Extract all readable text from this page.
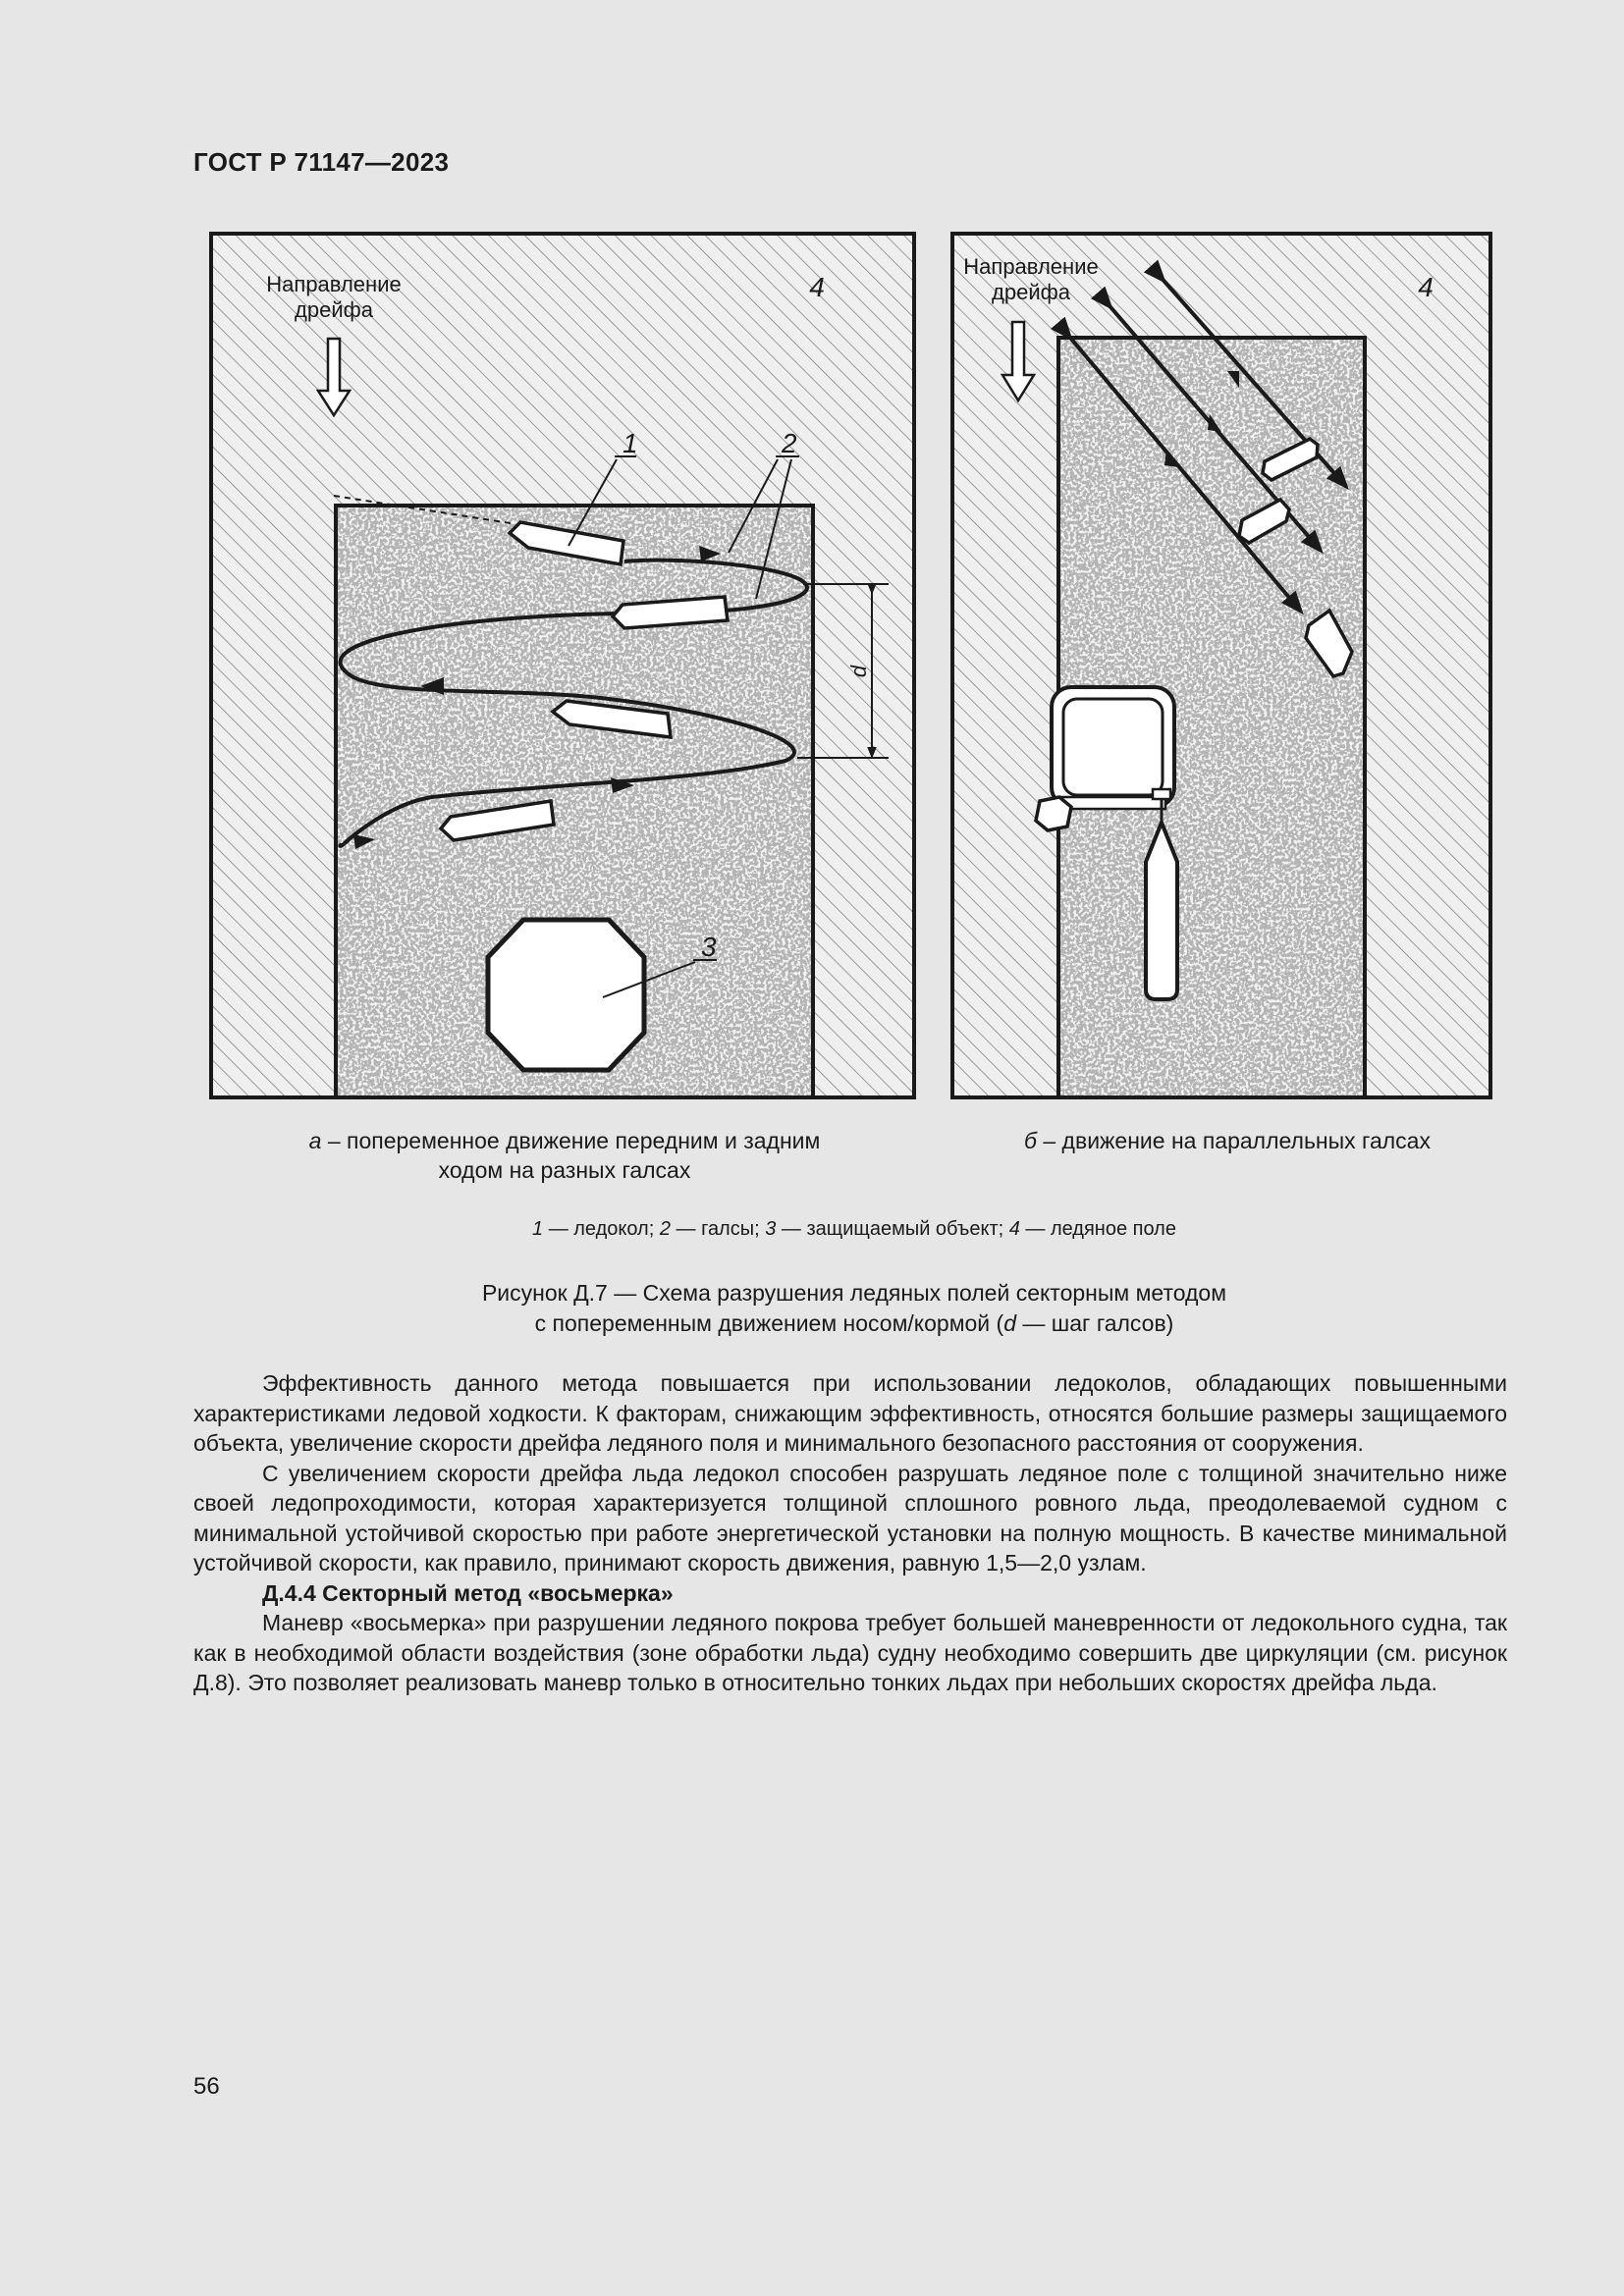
ГОСТ Р 71147—2023
Направление
дрейфа
4
d
1	2
3
Направление
дрейфа	4
а – попеременное движение передним и задним
ходом на разных галсах
б – движение на параллельных галсах
1 — ледокол; 2 — галсы; 3 — защищаемый объект; 4 — ледяное поле
Рисунок Д.7 — Схема разрушения ледяных полей секторным методом
с попеременным движением носом/кормой (d — шаг галсов)

Эффективность данного метода повышается при использовании ледоколов, обладающих повышенными характеристиками ледовой ходкости. К факторам, снижающим эффективность, относятся большие размеры защищаемого объекта, увеличение скорости дрейфа ледяного поля и минимального безопасного расстояния от сооружения.

С увеличением скорости дрейфа льда ледокол способен разрушать ледяное поле с толщиной значительно ниже своей ледопроходимости, которая характеризуется толщиной сплошного ровного льда, преодолеваемой судном с минимальной устойчивой скоростью при работе энергетической установки на полную мощность. В качестве минимальной устойчивой скорости, как правило, принимают скорость движения, равную 1,5—2,0 узлам.

Д.4.4 Секторный метод «восьмерка»

Маневр «восьмерка» при разрушении ледяного покрова требует большей маневренности от ледокольного судна, так как в необходимой области воздействия (зоне обработки льда) судну необходимо совершить две циркуляции (см. рисунок Д.8). Это позволяет реализовать маневр только в относительно тонких льдах при небольших скоростях дрейфа льда.

56
